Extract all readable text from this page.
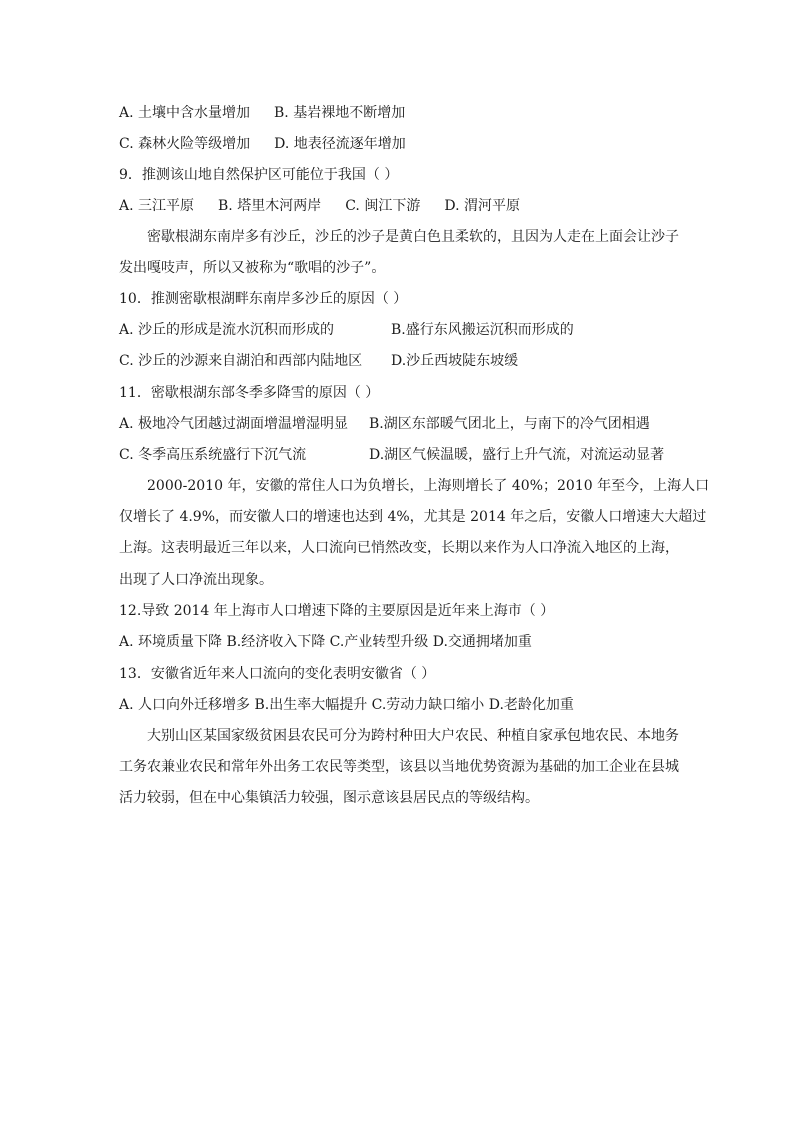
A. 土壤中含水量增加 B. 基岩裸地不断增加
C. 森林火险等级增加 D. 地表径流逐年增加
9．推测该山地自然保护区可能位于我国（ ）
A. 三江平原 B. 塔里木河两岸 C. 闽江下游 D. 渭河平原
密歇根湖东南岸多有沙丘，沙丘的沙子是黄白色且柔软的，且因为人走在上面会让沙子
发出嘎吱声，所以又被称为“歌唱的沙子”。
10．推测密歇根湖畔东南岸多沙丘的原因（ ）
A. 沙丘的形成是流水沉积而形成的	B.盛行东风搬运沉积而形成的
C. 沙丘的沙源来自湖泊和西部内陆地区 D.沙丘西坡陡东坡缓
11．密歇根湖东部冬季多降雪的原因（ ）
A. 极地冷气团越过湖面增温增湿明显 B.湖区东部暖气团北上，与南下的冷气团相遇
C. 冬季高压系统盛行下沉气流	D.湖区气候温暖，盛行上升气流，对流运动显著
2000-2010 年，安徽的常住人口为负增长，上海则增长了 40%；2010 年至今，上海人口
仅增长了 4.9%，而安徽人口的增速也达到 4%，尤其是 2014 年之后，安徽人口增速大大超过
上海。这表明最近三年以来，人口流向已悄然改变，长期以来作为人口净流入地区的上海，
出现了人口净流出现象。
12.导致 2014 年上海市人口增速下降的主要原因是近年来上海市（ ）
A. 环境质量下降 B.经济收入下降 C.产业转型升级 D.交通拥堵加重
13．安徽省近年来人口流向的变化表明安徽省（ ）
A. 人口向外迁移增多 B.出生率大幅提升 C.劳动力缺口缩小 D.老龄化加重
大别山区某国家级贫困县农民可分为跨村种田大户农民、种植自家承包地农民、本地务
工务农兼业农民和常年外出务工农民等类型，该县以当地优势资源为基础的加工企业在县城
活力较弱，但在中心集镇活力较强，图示意该县居民点的等级结构。
